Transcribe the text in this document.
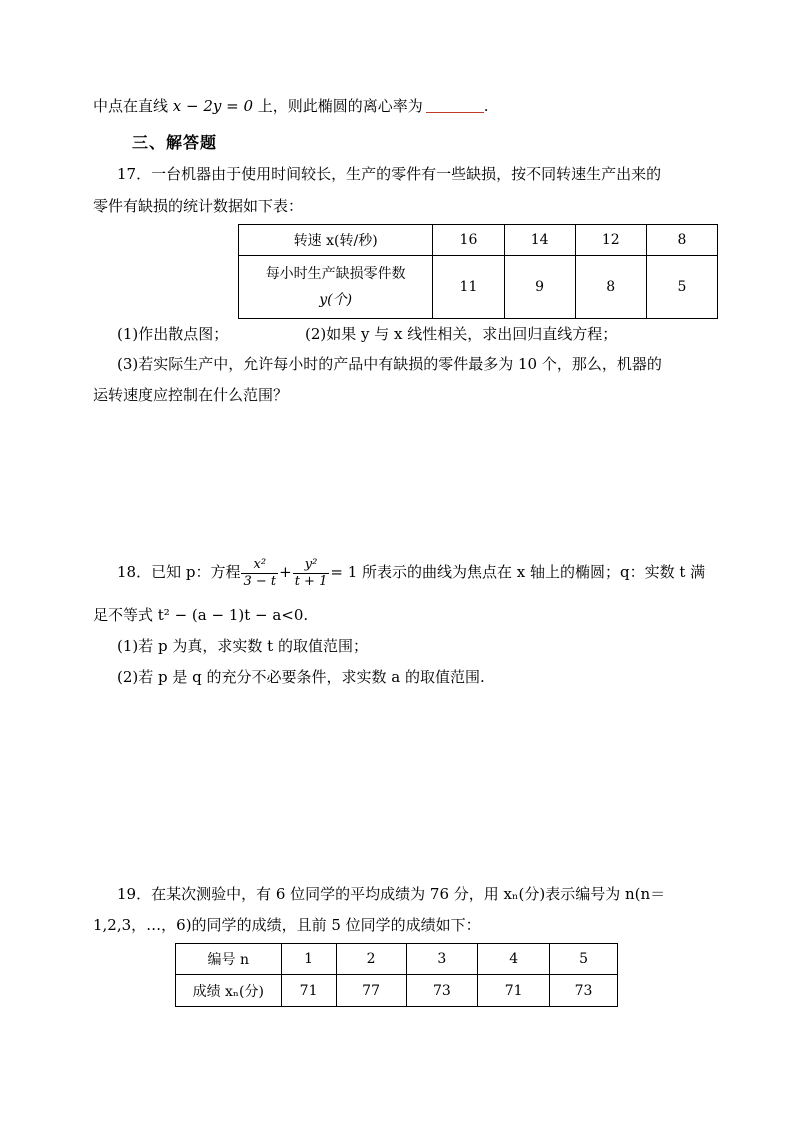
中点在直线 x − 2y = 0 上，则此椭圆的离心率为	.
三、解答题
17．一台机器由于使用时间较长，生产的零件有一些缺损，按不同转速生产出来的
零件有缺损的统计数据如下表：
转速 x(转/秒)	16	14	12	8

每小时生产缺损零件数
y(个)	11	9	8	5
(1)作出散点图；	(2)如果 y 与 x 线性相关，求出回归直线方程；
(3)若实际生产中，允许每小时的产品中有缺损的零件最多为 10 个，那么，机器的
运转速度应控制在什么范围？
18．已知 p：方程 $\frac{\text{x²}}{3 - t} + \frac{\text{y²}}{t + 1} = 1$ 所表示的曲线为焦点在 x 轴上的椭圆；q：实数 t 满
足不等式 t² − (a − 1)t − a<0.
(1)若 p 为真，求实数 t 的取值范围；
(2)若 p 是 q 的充分不必要条件，求实数 a 的取值范围.
19．在某次测验中，有 6 位同学的平均成绩为 76 分，用 xₙ(分)表示编号为 n(n＝
1,2,3，…，6)的同学的成绩，且前 5 位同学的成绩如下：
编号 n	1	2	3	4	5
成绩 xₙ(分)	71	77	73	71	73
